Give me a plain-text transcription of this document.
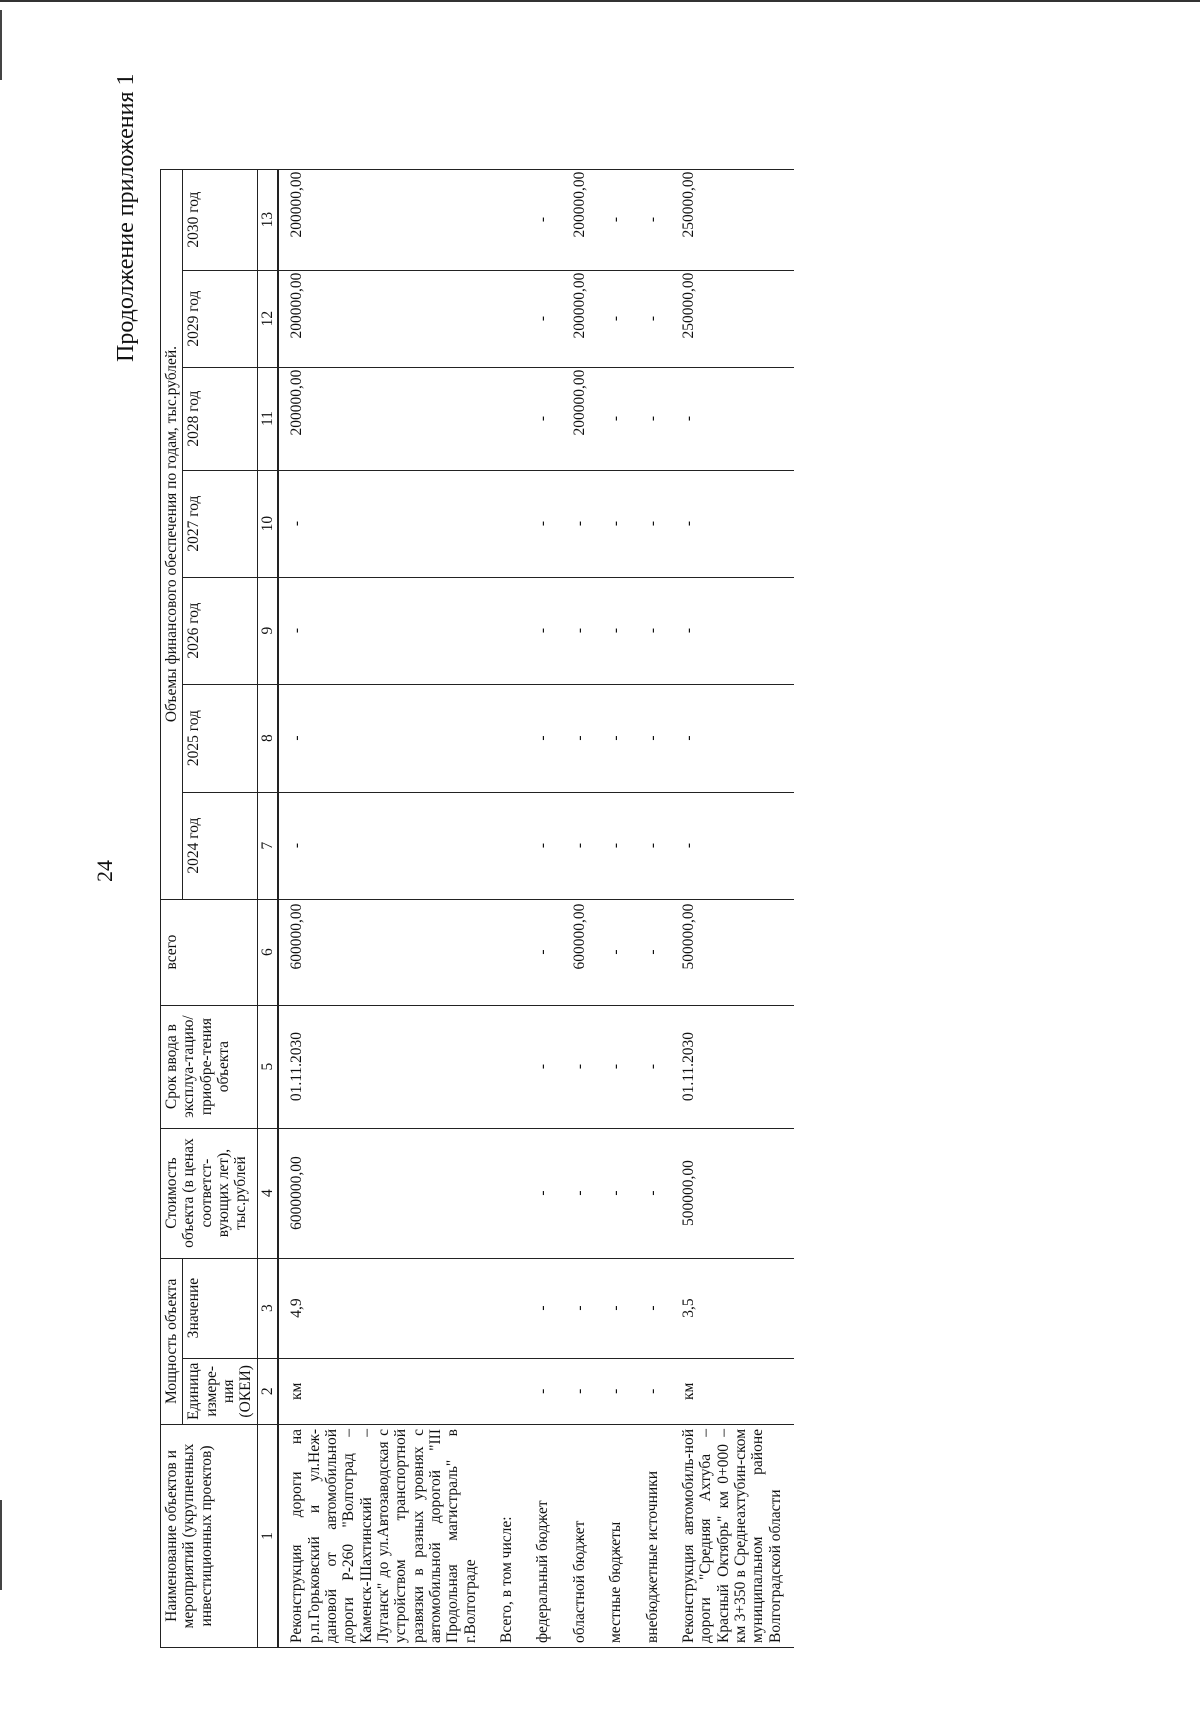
24
Продолжение приложения 1
Наименование объектов и мероприятий (укрупненных инвестиционных проектов)	Мощность объекта		Стоимость объекта (в ценах соответст-вующих лет), тыс.рублей	Срок ввода в эксплуа-тацию/ приобре-тения объекта	всего	Объемы финансового обеспечения по годам, тыс.рублей.						
	Единица измере-ния (ОКЕИ)	Значение				2024 год	2025 год	2026 год	2027 год	2028 год	2029 год	2030 год
1	2	3	4	5	6	7	8	9	10	11	12	13
Реконструкция дороги на р.п.Горьковский и ул.Неж-дановой от автомобильной дороги Р-260 "Волгоград – Каменск-Шахтинский – Луганск" до ул.Автозаводская с устройством транспортной развязки в разных уровнях с автомобильной дорогой "III Продольная магистраль" в г.Волгограде	км	4,9	6000000,00	01.11.2030	600000,00	-	-	-	-	200000,00	200000,00	200000,00
Всего, в том числе:												
федеральный бюджет	-	-	-	-	-	-	-	-	-	-	-	-
областной бюджет	-	-	-	-	600000,00	-	-	-	-	200000,00	200000,00	200000,00
местные бюджеты	-	-	-	-	-	-	-	-	-	-	-	-
внебюджетные источники	-	-	-	-	-	-	-	-	-	-	-	-
Реконструкция автомобиль-ной дороги "Средняя Ахтуба – Красный Октябрь" км 0+000 – км 3+350 в Среднеахтубин-ском муниципальном районе Волгоградской области	км	3,5	500000,00	01.11.2030	500000,00	-	-	-	-	-	250000,00	250000,00
